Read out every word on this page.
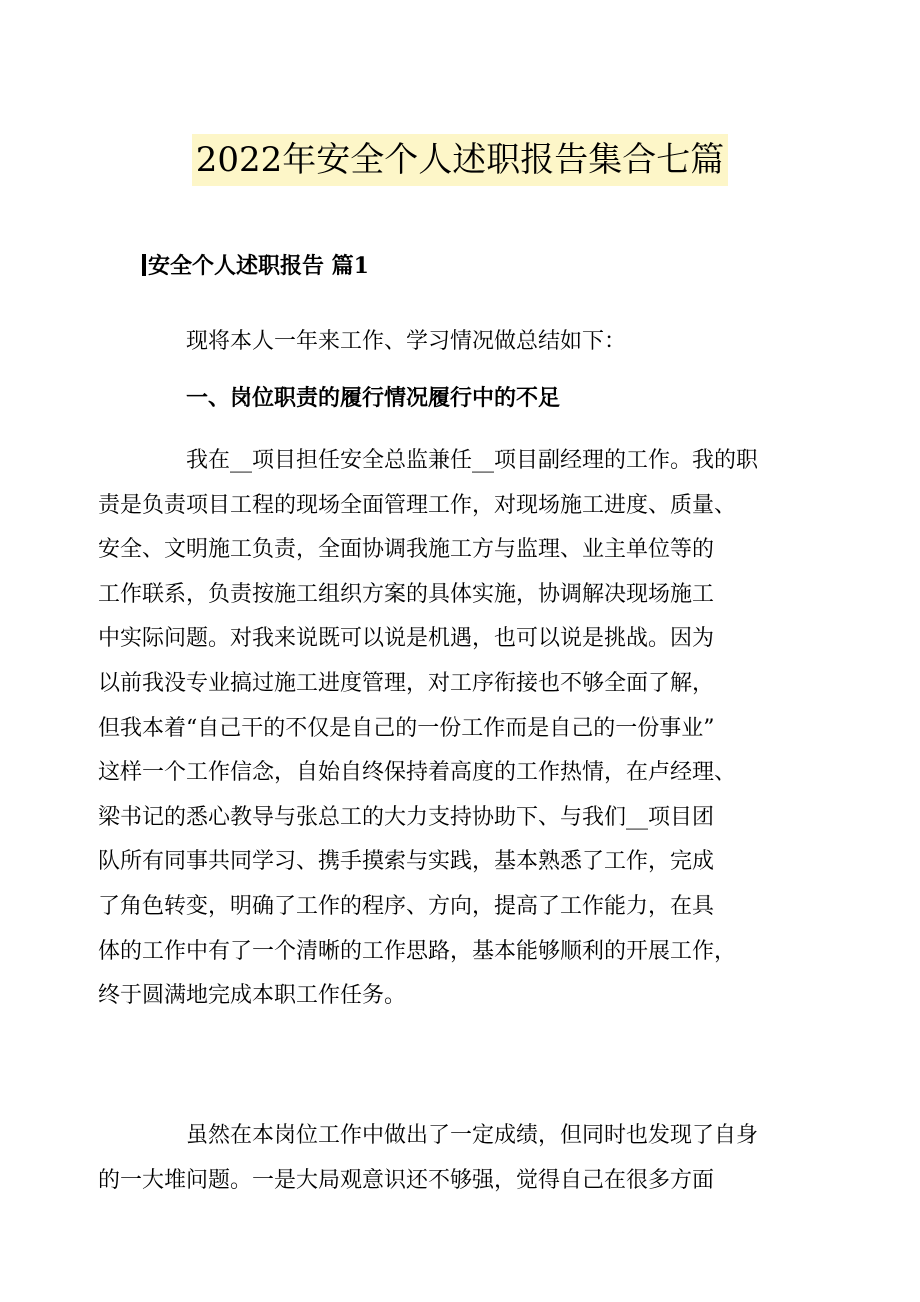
2022年安全个人述职报告集合七篇
安全个人述职报告 篇1

现将本人一年来工作、学习情况做总结如下：

一、岗位职责的履行情况履行中的不足

我在__项目担任安全总监兼任__项目副经理的工作。我的职
责是负责项目工程的现场全面管理工作，对现场施工进度、质量、
安全、文明施工负责，全面协调我施工方与监理、业主单位等的
工作联系，负责按施工组织方案的具体实施，协调解决现场施工
中实际问题。对我来说既可以说是机遇，也可以说是挑战。因为
以前我没专业搞过施工进度管理，对工序衔接也不够全面了解，
但我本着“自己干的不仅是自己的一份工作而是自己的一份事业”
这样一个工作信念，自始自终保持着高度的工作热情，在卢经理、
梁书记的悉心教导与张总工的大力支持协助下、与我们__项目团
队所有同事共同学习、携手摸索与实践，基本熟悉了工作，完成
了角色转变，明确了工作的程序、方向，提高了工作能力，在具
体的工作中有了一个清晰的工作思路，基本能够顺利的开展工作，
终于圆满地完成本职工作任务。
虽然在本岗位工作中做出了一定成绩，但同时也发现了自身
的一大堆问题。一是大局观意识还不够强，觉得自己在很多方面
